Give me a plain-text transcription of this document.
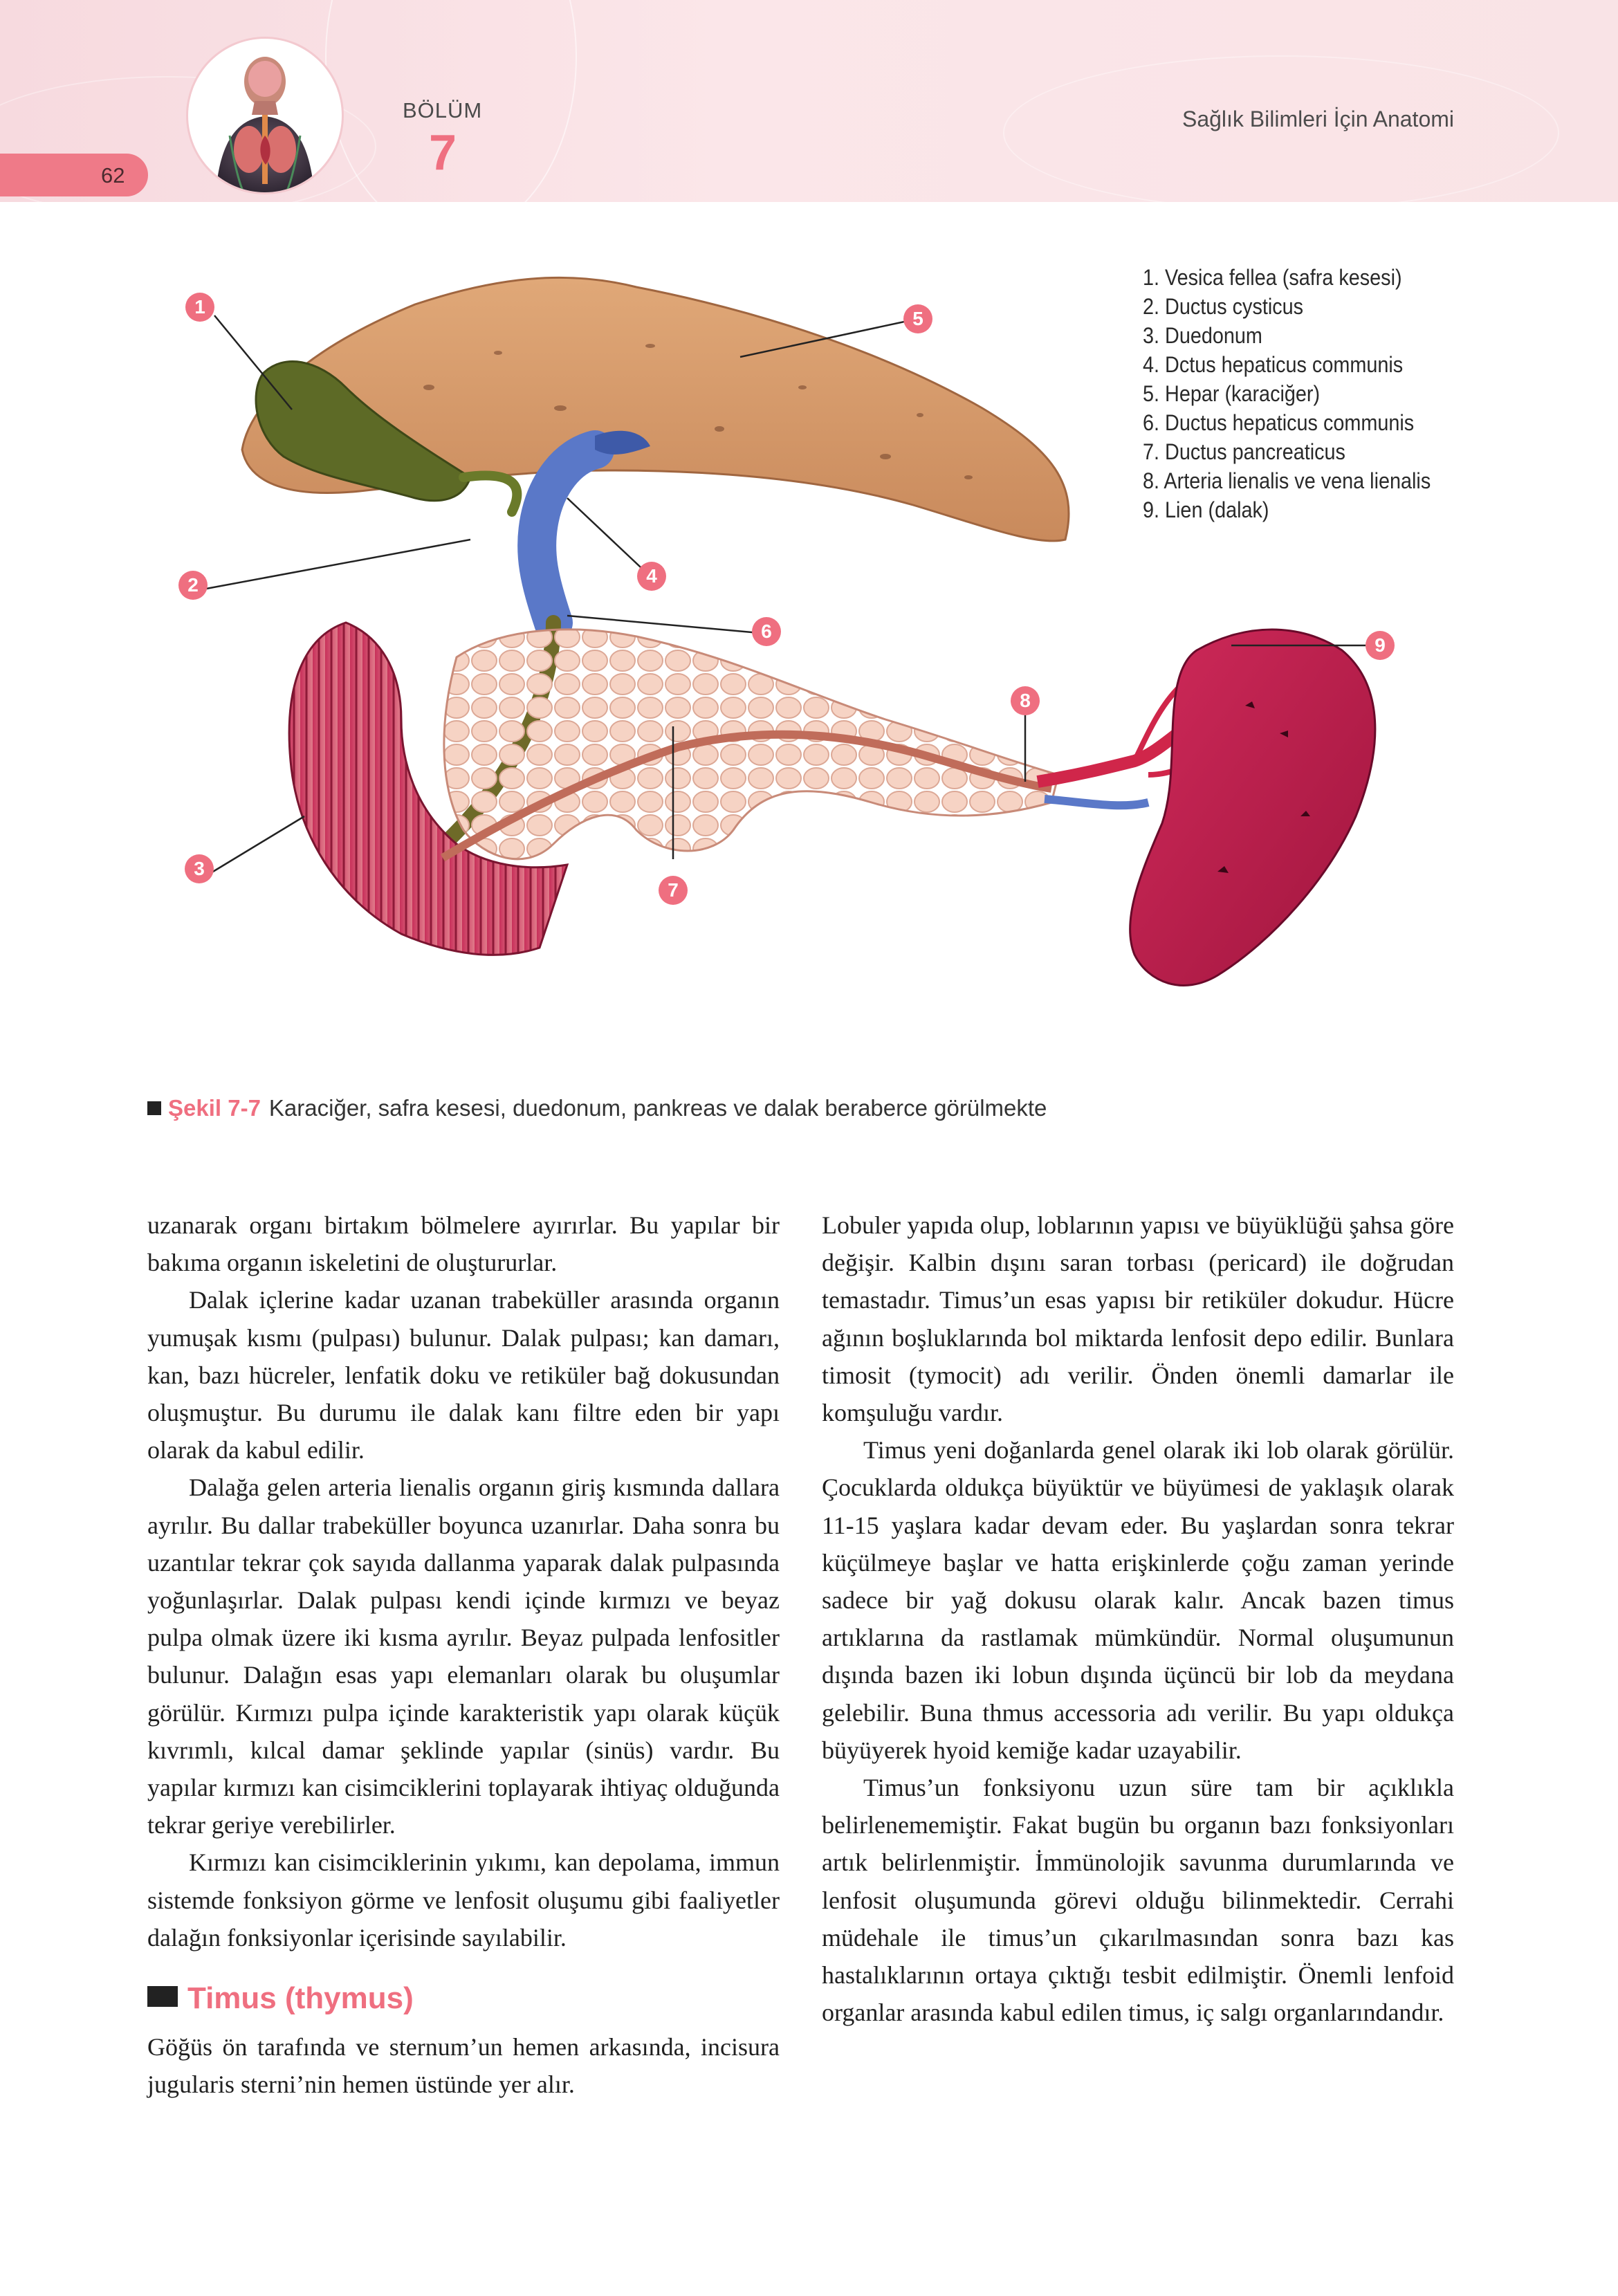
62
BÖLÜM
7
Sağlık Bilimleri İçin Anatomi
1
2
3
4
5
6
7
8
9
1. Vesica fellea (safra kesesi)
2. Ductus cysticus
3. Duedonum
4. Dctus hepaticus communis
5. Hepar (karaciğer)
6. Ductus hepaticus communis
7. Ductus pancreaticus
8. Arteria lienalis ve vena lienalis
9. Lien (dalak)
Şekil 7-7 Karaciğer, safra kesesi, duedonum, pankreas ve dalak beraberce görülmekte

uzanarak organı birtakım bölmelere ayırırlar. Bu yapılar bir bakıma organın iskeletini de oluştururlar.

Dalak içlerine kadar uzanan trabeküller arasında organın yumuşak kısmı (pulpası) bulunur. Dalak pulpası; kan damarı, kan, bazı hücreler, lenfatik doku ve retiküler bağ dokusundan oluşmuştur. Bu durumu ile dalak kanı filtre eden bir yapı olarak da kabul edilir.

Dalağa gelen arteria lienalis organın giriş kısmında dallara ayrılır. Bu dallar trabeküller boyunca uzanırlar. Daha sonra bu uzantılar tekrar çok sayıda dallanma yaparak dalak pulpasında yoğunlaşırlar. Dalak pulpası kendi içinde kırmızı ve beyaz pulpa olmak üzere iki kısma ayrılır. Beyaz pulpada lenfositler bulunur. Dalağın esas yapı elemanları olarak bu oluşumlar görülür. Kırmızı pulpa içinde karakteristik yapı olarak küçük kıvrımlı, kılcal damar şeklinde yapılar (sinüs) vardır. Bu yapılar kırmızı kan cisimciklerini toplayarak ihtiyaç olduğunda tekrar geriye verebilirler.

Kırmızı kan cisimciklerinin yıkımı, kan depolama, immun sistemde fonksiyon görme ve lenfosit oluşumu gibi faaliyetler dalağın fonksiyonlar içerisinde sayılabilir.

Timus (thymus)

Göğüs ön tarafında ve sternum’un hemen arkasında, incisura jugularis sterni’nin hemen üstünde yer alır.

Lobuler yapıda olup, loblarının yapısı ve büyüklüğü şahsa göre değişir. Kalbin dışını saran torbası (pericard) ile doğrudan temastadır. Timus’un esas yapısı bir retiküler dokudur. Hücre ağının boşluklarında bol miktarda lenfosit depo edilir. Bunlara timosit (tymocit) adı verilir. Önden önemli damarlar ile komşuluğu vardır.

Timus yeni doğanlarda genel olarak iki lob olarak görülür. Çocuklarda oldukça büyüktür ve büyümesi de yaklaşık olarak 11-15 yaşlara kadar devam eder. Bu yaşlardan sonra tekrar küçülmeye başlar ve hatta erişkinlerde çoğu zaman yerinde sadece bir yağ dokusu olarak kalır. Ancak bazen timus artıklarına da rastlamak mümkündür. Normal oluşumunun dışında bazen iki lobun dışında üçüncü bir lob da meydana gelebilir. Buna thmus accessoria adı verilir. Bu yapı oldukça büyüyerek hyoid kemiğe kadar uzayabilir.

Timus’un fonksiyonu uzun süre tam bir açıklıkla belirlenememiştir. Fakat bugün bu organın bazı fonksiyonları artık belirlenmiştir. İmmünolojik savunma durumlarında ve lenfosit oluşumunda görevi olduğu bilinmektedir. Cerrahi müdehale ile timus’un çıkarılmasından sonra bazı kas hastalıklarının ortaya çıktığı tesbit edilmiştir. Önemli lenfoid organlar arasında kabul edilen timus, iç salgı organlarındandır.
